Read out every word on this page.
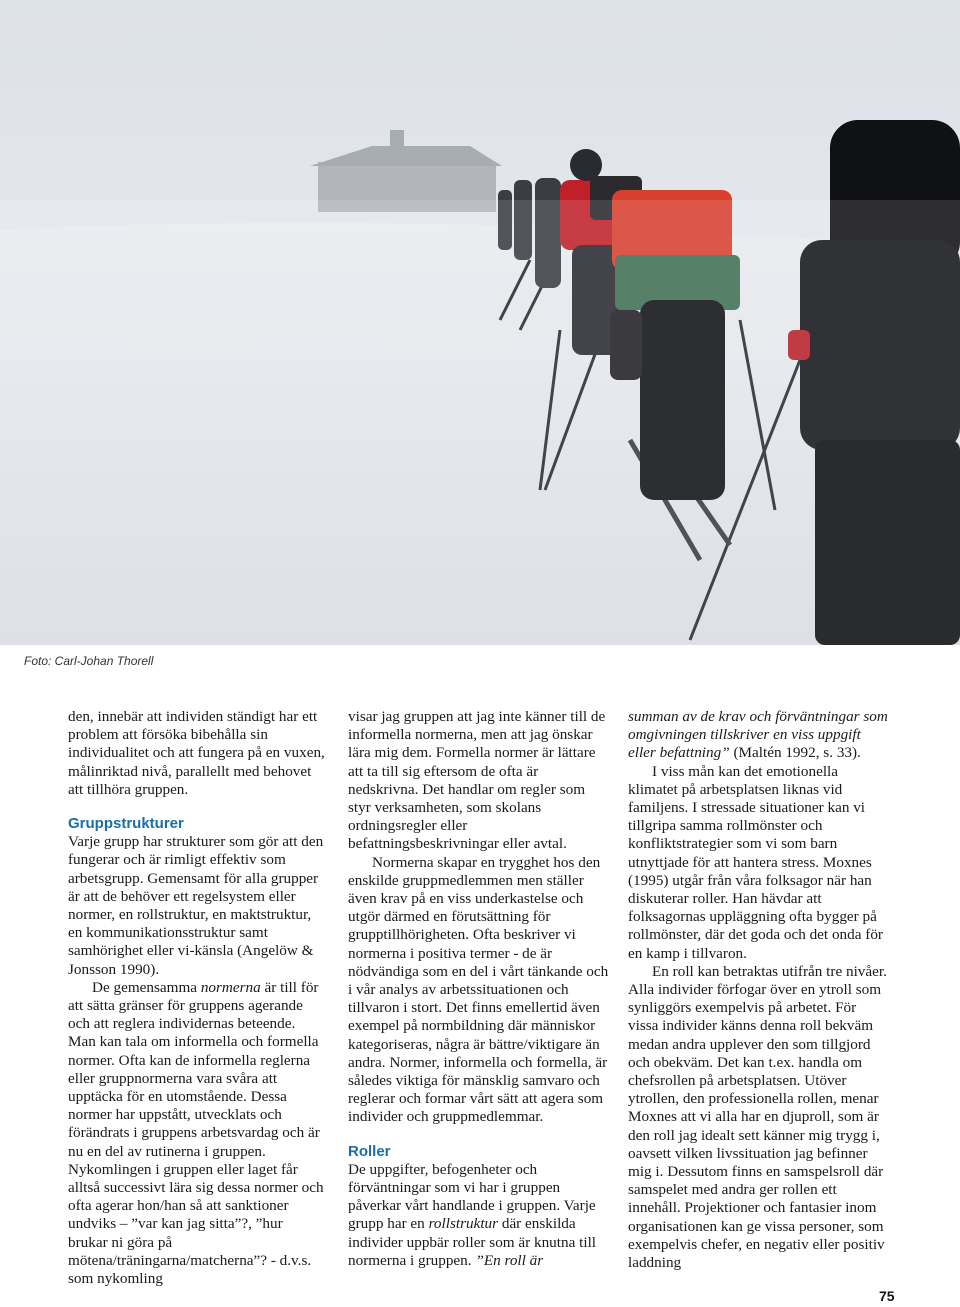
Foto: Carl-Johan Thorell

den, innebär att individen ständigt har ett problem att försöka bibehålla sin individualitet och att fungera på en vuxen, målinriktad nivå, parallellt med behovet att tillhöra gruppen.

Gruppstrukturer

Varje grupp har strukturer som gör att den fungerar och är rimligt effektiv som arbetsgrupp. Gemensamt för alla grupper är att de behöver ett regelsystem eller normer, en rollstruktur, en maktstruktur, en kommunikationsstruktur samt samhörighet eller vi-känsla (Angelöw & Jonsson 1990).

De gemensamma normerna är till för att sätta gränser för gruppens agerande och att reglera individernas beteende. Man kan tala om informella och formella normer. Ofta kan de informella reglerna eller gruppnormerna vara svåra att upptäcka för en utomstående. Dessa normer har uppstått, utvecklats och förändrats i gruppens arbetsvardag och är nu en del av rutinerna i gruppen. Nykomlingen i gruppen eller laget får alltså successivt lära sig dessa normer och ofta agerar hon/han så att sanktioner undviks – ”var kan jag sitta”?, ”hur brukar ni göra på mötena/träningarna/matcherna”? - d.v.s. som nykomling

visar jag gruppen att jag inte känner till de informella normerna, men att jag önskar lära mig dem. Formella normer är lättare att ta till sig eftersom de ofta är nedskrivna. Det handlar om regler som styr verksamheten, som skolans ordningsregler eller befattningsbeskrivningar eller avtal.

Normerna skapar en trygghet hos den enskilde gruppmedlemmen men ställer även krav på en viss underkastelse och utgör därmed en förutsättning för grupptillhörigheten. Ofta beskriver vi normerna i positiva termer - de är nödvändiga som en del i vårt tänkande och i vår analys av arbetssituationen och tillvaron i stort. Det finns emellertid även exempel på normbildning där människor kategoriseras, några är bättre/viktigare än andra. Normer, informella och formella, är således viktiga för mänsklig samvaro och reglerar och formar vårt sätt att agera som individer och gruppmedlemmar.

Roller

De uppgifter, befogenheter och förväntningar som vi har i gruppen påverkar vårt handlande i gruppen. Varje grupp har en rollstruktur där enskilda individer uppbär roller som är knutna till normerna i gruppen. ”En roll är

summan av de krav och förväntningar som omgivningen tillskriver en viss uppgift eller befattning” (Maltén 1992, s. 33).

I viss mån kan det emotionella klimatet på arbetsplatsen liknas vid familjens. I stressade situationer kan vi tillgripa samma rollmönster och konfliktstrategier som vi som barn utnyttjade för att hantera stress. Moxnes (1995) utgår från våra folksagor när han diskuterar roller. Han hävdar att folksagornas uppläggning ofta bygger på rollmönster, där det goda och det onda för en kamp i tillvaron.

En roll kan betraktas utifrån tre nivåer. Alla individer förfogar över en ytroll som synliggörs exempelvis på arbetet. För vissa individer känns denna roll bekväm medan andra upplever den som tillgjord och obekväm. Det kan t.ex. handla om chefsrollen på arbetsplatsen. Utöver ytrollen, den professionella rollen, menar Moxnes att vi alla har en djuproll, som är den roll jag idealt sett känner mig trygg i, oavsett vilken livssituation jag befinner mig i. Dessutom finns en samspelsroll där samspelet med andra ger rollen ett innehåll. Projektioner och fantasier inom organisationen kan ge vissa personer, som exempelvis chefer, en negativ eller positiv laddning

75
